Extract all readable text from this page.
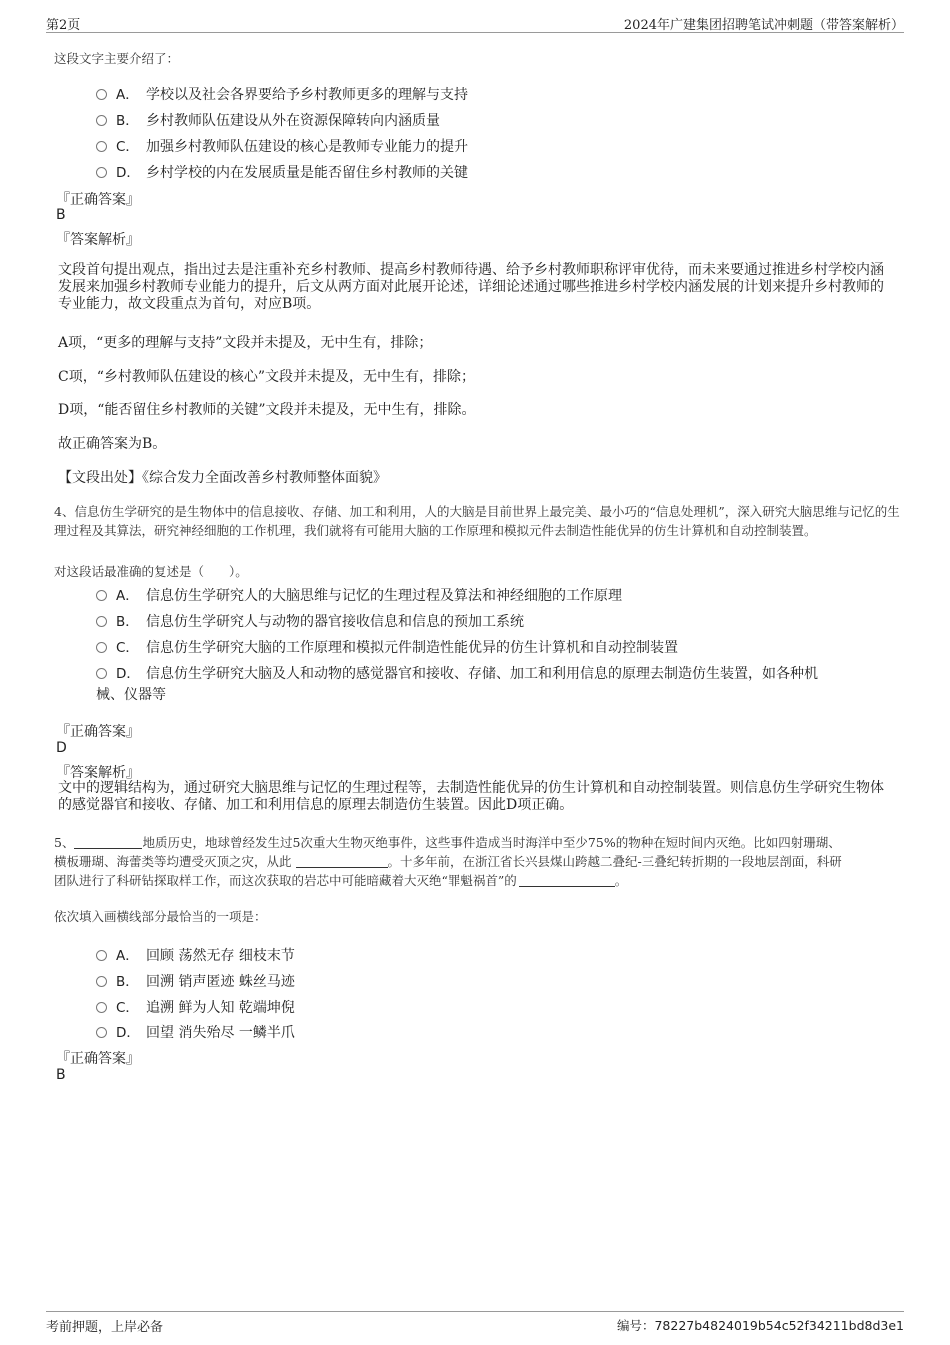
第2页	2024年广建集团招聘笔试冲刺题（带答案解析）
这段文字主要介绍了：
A． 学校以及社会各界要给予乡村教师更多的理解与支持
B． 乡村教师队伍建设从外在资源保障转向内涵质量
C． 加强乡村教师队伍建设的核心是教师专业能力的提升
D． 乡村学校的内在发展质量是能否留住乡村教师的关键
『正确答案』
B
『答案解析』
文段首句提出观点，指出过去是注重补充乡村教师、提高乡村教师待遇、给予乡村教师职称评审优待，而未来要通过推进乡村学校内涵发展来加强乡村教师专业能力的提升，后文从两方面对此展开论述，详细论述通过哪些推进乡村学校内涵发展的计划来提升乡村教师的专业能力，故文段重点为首句，对应B项。
A项，“更多的理解与支持”文段并未提及，无中生有，排除；
C项，“乡村教师队伍建设的核心”文段并未提及，无中生有，排除；
D项，“能否留住乡村教师的关键”文段并未提及，无中生有，排除。
故正确答案为B。
【文段出处】《综合发力全面改善乡村教师整体面貌》
4、信息仿生学研究的是生物体中的信息接收、存储、加工和利用，人的大脑是目前世界上最完美、最小巧的“信息处理机”，深入研究大脑思维与记忆的生理过程及其算法，研究神经细胞的工作机理，我们就将有可能用大脑的工作原理和模拟元件去制造性能优异的仿生计算机和自动控制装置。
对这段话最准确的复述是（　　）。
A． 信息仿生学研究人的大脑思维与记忆的生理过程及算法和神经细胞的工作原理
B． 信息仿生学研究人与动物的器官接收信息和信息的预加工系统
C． 信息仿生学研究大脑的工作原理和模拟元件制造性能优异的仿生计算机和自动控制装置
D． 信息仿生学研究大脑及人和动物的感觉器官和接收、存储、加工和利用信息的原理去制造仿生装置，如各种机
械、仪器等
『正确答案』
D
『答案解析』
文中的逻辑结构为，通过研究大脑思维与记忆的生理过程等，去制造性能优异的仿生计算机和自动控制装置。则信息仿生学研究生物体的感觉器官和接收、存储、加工和利用信息的原理去制造仿生装置。因此D项正确。
5、	地质历史，地球曾经发生过5次重大生物灭绝事件，这些事件造成当时海洋中至少75%的物种在短时间内灭绝。比如四射珊瑚、
横板珊瑚、海蕾类等均遭受灭顶之灾，从此	。十多年前，在浙江省长兴县煤山跨越二叠纪-三叠纪转折期的一段地层剖面，科研
团队进行了科研钻探取样工作，而这次获取的岩芯中可能暗藏着大灭绝“罪魁祸首”的	。
依次填入画横线部分最恰当的一项是：
A． 回顾 荡然无存 细枝末节
B． 回溯 销声匿迹 蛛丝马迹
C． 追溯 鲜为人知 乾端坤倪
D． 回望 消失殆尽 一鳞半爪
『正确答案』
B
考前押题，上岸必备	编号：78227b4824019b54c52f34211bd8d3e1
